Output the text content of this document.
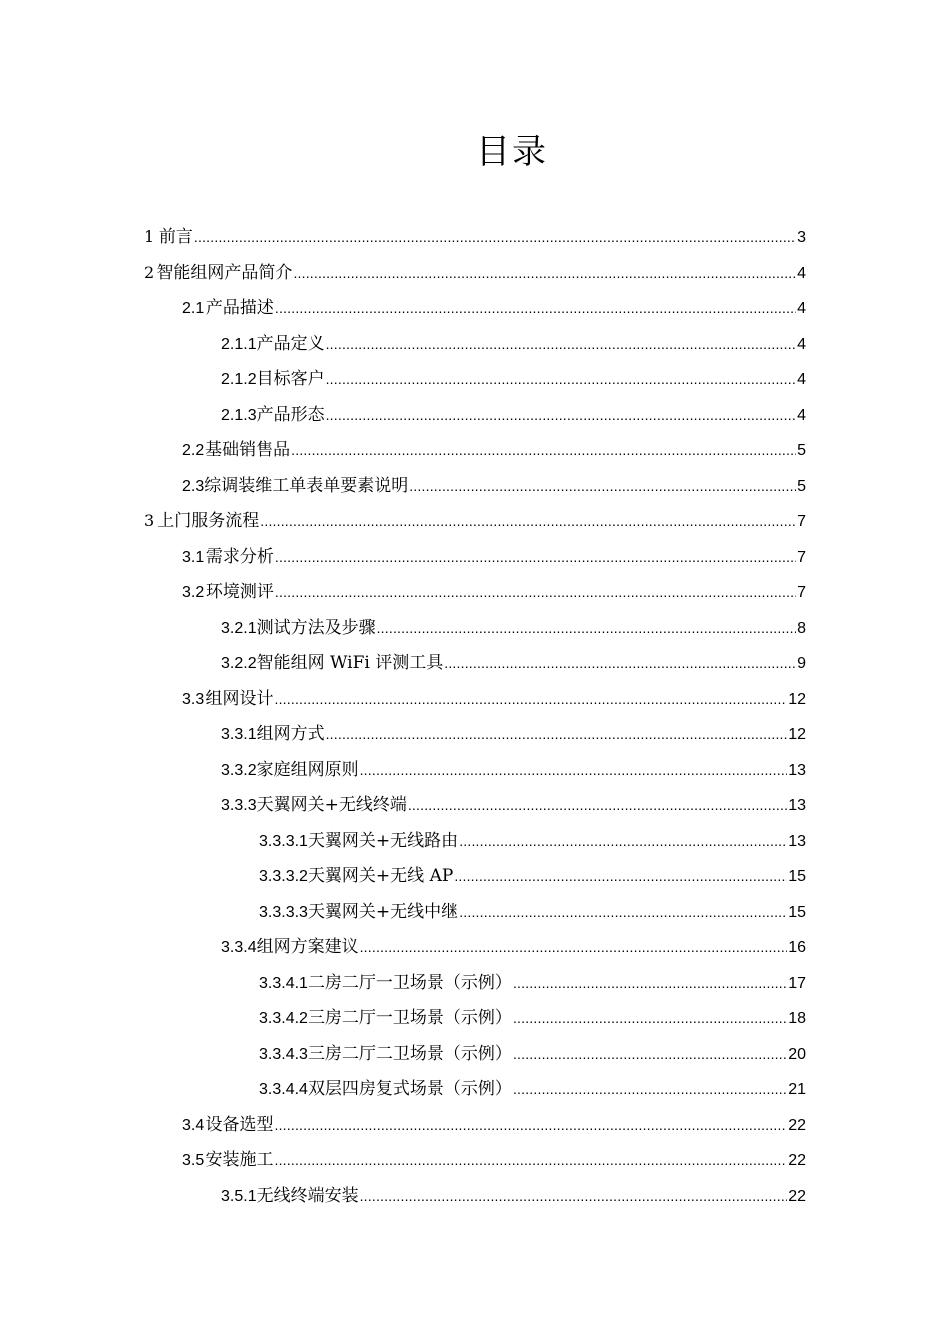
目录
1 前言 .....	3
2 智能组网产品简介 .....	4
2.1 产品描述 .....	4
2.1.1 产品定义 .....	4
2.1.2 目标客户 .....	4
2.1.3 产品形态 .....	4
2.2 基础销售品 .....	5
2.3 综调装维工单表单要素说明 .....	5
3 上门服务流程 .....	7
3.1 需求分析 .....	7
3.2 环境测评 .....	7
3.2.1 测试方法及步骤 .....	8
3.2.2 智能组网 WiFi 评测工具 .....	9
3.3 组网设计 .....	12
3.3.1 组网方式 .....	12
3.3.2 家庭组网原则 .....	13
3.3.3 天翼网关+无线终端 .....	13
3.3.3.1 天翼网关+无线路由 .....	13
3.3.3.2 天翼网关+无线 AP .....	15
3.3.3.3 天翼网关+无线中继 .....	15
3.3.4 组网方案建议 .....	16
3.3.4.1 二房二厅一卫场景（示例） .....	17
3.3.4.2 三房二厅一卫场景（示例） .....	18
3.3.4.3 三房二厅二卫场景（示例） .....	20
3.3.4.4 双层四房复式场景（示例） .....	21
3.4 设备选型 .....	22
3.5 安装施工 .....	22
3.5.1 无线终端安装 .....	22
